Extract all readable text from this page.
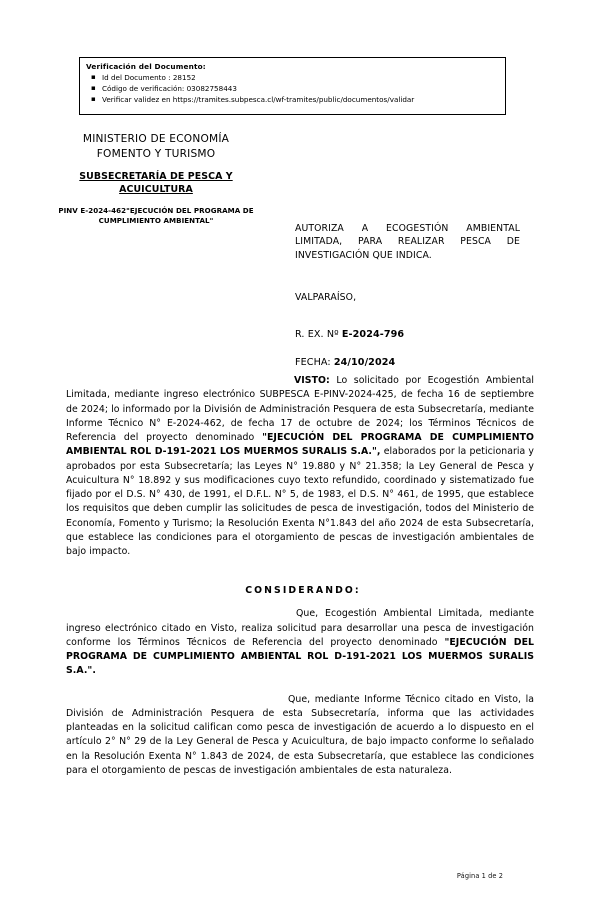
Verificación del Documento:
▪ Id del Documento : 28152
▪ Código de verificación: 03082758443
▪ Verificar validez en https://tramites.subpesca.cl/wf-tramites/public/documentos/validar
MINISTERIO DE ECONOMÍA
FOMENTO Y TURISMO
SUBSECRETARÍA DE PESCA Y
ACUICULTURA
PINV E-2024-462"EJECUCIÓN DEL PROGRAMA DE
CUMPLIMIENTO AMBIENTAL"
AUTORIZA A ECOGESTIÓN AMBIENTAL LIMITADA, PARA REALIZAR PESCA DE INVESTIGACIÓN QUE INDICA.
VALPARAÍSO,
R. EX. Nº E-2024-796
FECHA: 24/10/2024

VISTO: Lo solicitado por Ecogestión Ambiental Limitada, mediante ingreso electrónico SUBPESCA E-PINV-2024-425, de fecha 16 de septiembre de 2024; lo informado por la División de Administración Pesquera de esta Subsecretaría, mediante Informe Técnico N° E-2024-462, de fecha 17 de octubre de 2024; los Términos Técnicos de Referencia del proyecto denominado "EJECUCIÓN DEL PROGRAMA DE CUMPLIMIENTO AMBIENTAL ROL D-191-2021 LOS MUERMOS SURALIS S.A.", elaborados por la peticionaria y aprobados por esta Subsecretaría; las Leyes N° 19.880 y N° 21.358; la Ley General de Pesca y Acuicultura N° 18.892 y sus modificaciones cuyo texto refundido, coordinado y sistematizado fue fijado por el D.S. N° 430, de 1991, el D.F.L. N° 5, de 1983, el D.S. N° 461, de 1995, que establece los requisitos que deben cumplir las solicitudes de pesca de investigación, todos del Ministerio de Economía, Fomento y Turismo; la Resolución Exenta N°1.843 del año 2024 de esta Subsecretaría, que establece las condiciones para el otorgamiento de pescas de investigación ambientales de bajo impacto.

CONSIDERANDO:

Que, Ecogestión Ambiental Limitada, mediante ingreso electrónico citado en Visto, realiza solicitud para desarrollar una pesca de investigación conforme los Términos Técnicos de Referencia del proyecto denominado "EJECUCIÓN DEL PROGRAMA DE CUMPLIMIENTO AMBIENTAL ROL D-191-2021 LOS MUERMOS SURALIS S.A.".

Que, mediante Informe Técnico citado en Visto, la División de Administración Pesquera de esta Subsecretaría, informa que las actividades planteadas en la solicitud califican como pesca de investigación de acuerdo a lo dispuesto en el artículo 2° N° 29 de la Ley General de Pesca y Acuicultura, de bajo impacto conforme lo señalado en la Resolución Exenta N° 1.843 de 2024, de esta Subsecretaría, que establece las condiciones para el otorgamiento de pescas de investigación ambientales de esta naturaleza.

Página 1 de 2
